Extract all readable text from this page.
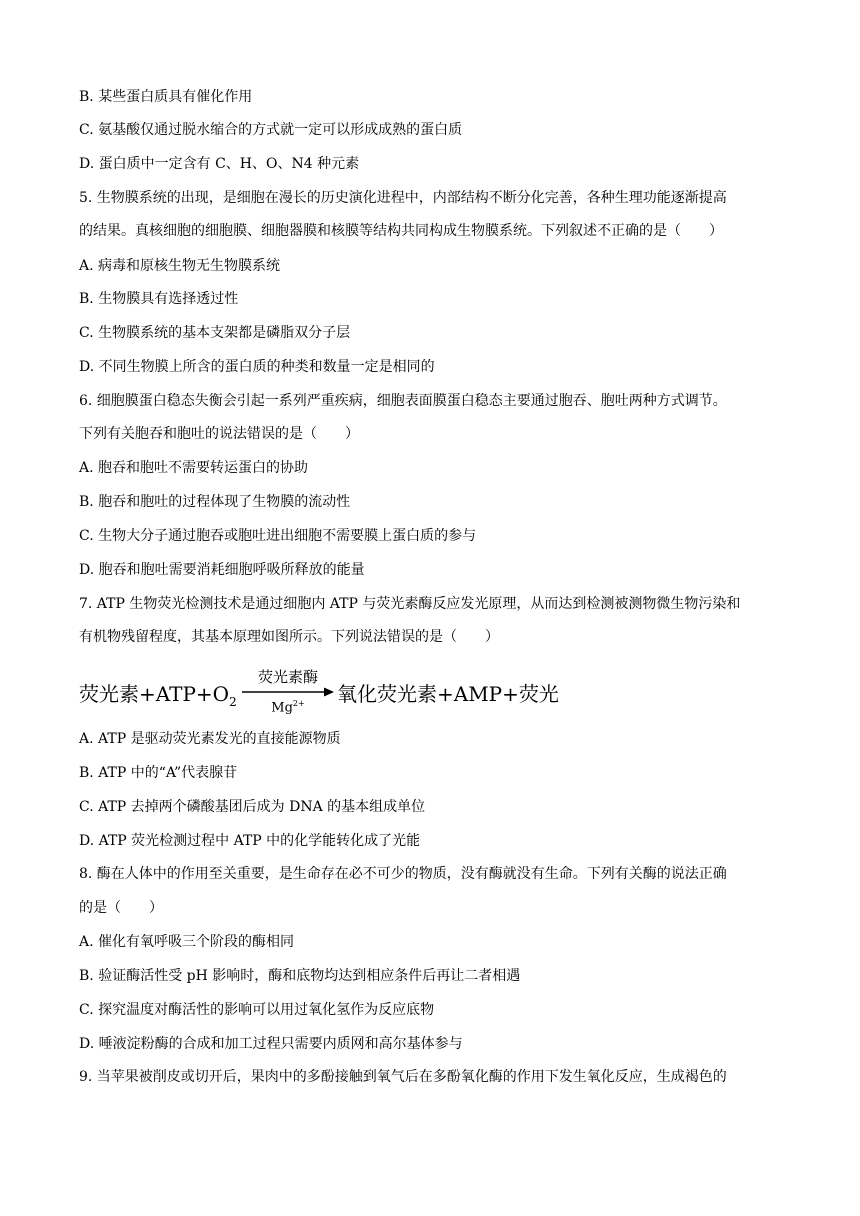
B. 某些蛋白质具有催化作用
C. 氨基酸仅通过脱水缩合的方式就一定可以形成成熟的蛋白质
D. 蛋白质中一定含有 C、H、O、N4 种元素
5. 生物膜系统的出现，是细胞在漫长的历史演化进程中，内部结构不断分化完善，各种生理功能逐渐提高
的结果。真核细胞的细胞膜、细胞器膜和核膜等结构共同构成生物膜系统。下列叙述不正确的是（　　）
A. 病毒和原核生物无生物膜系统
B. 生物膜具有选择透过性
C. 生物膜系统的基本支架都是磷脂双分子层
D. 不同生物膜上所含的蛋白质的种类和数量一定是相同的
6. 细胞膜蛋白稳态失衡会引起一系列严重疾病，细胞表面膜蛋白稳态主要通过胞吞、胞吐两种方式调节。
下列有关胞吞和胞吐的说法错误的是（　　）
A. 胞吞和胞吐不需要转运蛋白的协助
B. 胞吞和胞吐的过程体现了生物膜的流动性
C. 生物大分子通过胞吞或胞吐进出细胞不需要膜上蛋白质的参与
D. 胞吞和胞吐需要消耗细胞呼吸所释放的能量
7. ATP 生物荧光检测技术是通过细胞内 ATP 与荧光素酶反应发光原理，从而达到检测被测物微生物污染和
有机物残留程度，其基本原理如图所示。下列说法错误的是（　　）
荧光素$+ATP+O_2$
荧光素酶
$Mg^{2+}$	氧化荧光素+AMP+荧光
A. ATP 是驱动荧光素发光的直接能源物质
B. ATP 中的“A”代表腺苷
C. ATP 去掉两个磷酸基团后成为 DNA 的基本组成单位
D. ATP 荧光检测过程中 ATP 中的化学能转化成了光能
8. 酶在人体中的作用至关重要，是生命存在必不可少的物质，没有酶就没有生命。下列有关酶的说法正确
的是（　　）
A. 催化有氧呼吸三个阶段的酶相同
B. 验证酶活性受 pH 影响时，酶和底物均达到相应条件后再让二者相遇
C. 探究温度对酶活性的影响可以用过氧化氢作为反应底物
D. 唾液淀粉酶的合成和加工过程只需要内质网和高尔基体参与
9. 当苹果被削皮或切开后，果肉中的多酚接触到氧气后在多酚氧化酶的作用下发生氧化反应，生成褐色的
